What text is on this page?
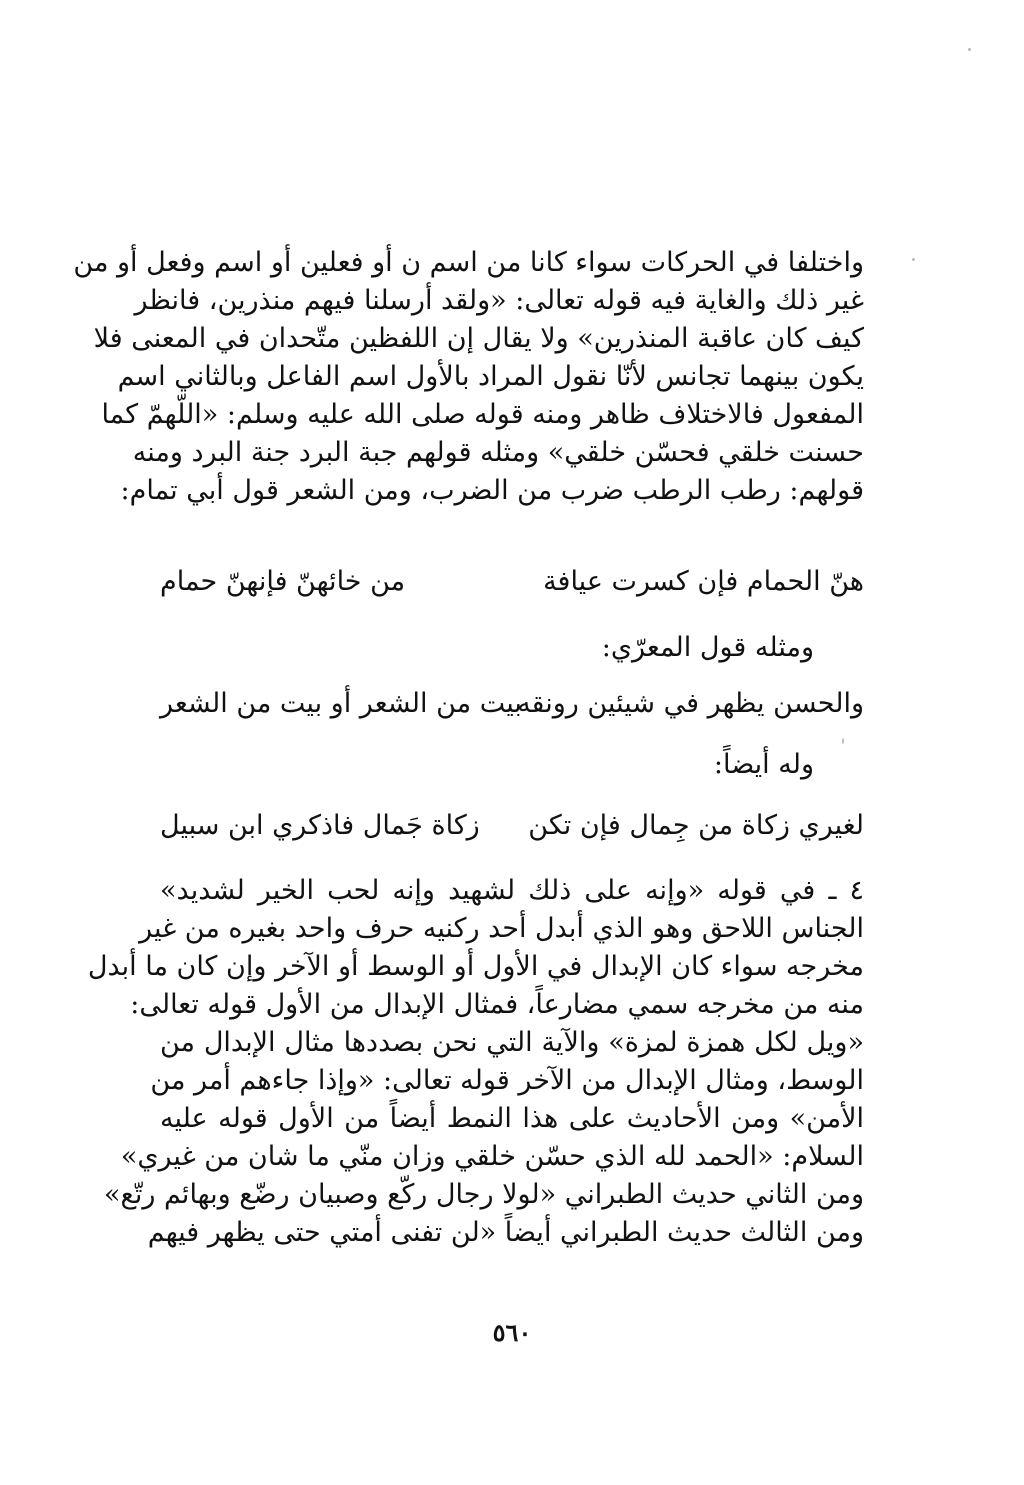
واختلفا في الحركات سواء كانا من اسم ن أو فعلين أو اسم وفعل أو من
غير ذلك والغاية فيه قوله تعالى: «ولقد أرسلنا فيهم منذرين، فانظر
كيف كان عاقبة المنذرين» ولا يقال إن اللفظين متّحدان في المعنى فلا
يكون بينهما تجانس لأنّا نقول المراد بالأول اسم الفاعل وبالثاني اسم
المفعول فالاختلاف ظاهر ومنه قوله صلى الله عليه وسلم: «اللّهمّ كما
حسنت خلقي فحسّن خلقي» ومثله قولهم جبة البرد جنة البرد ومنه
قولهم: رطب الرطب ضرب من الضرب، ومن الشعر قول أبي تمام:
هنّ الحمام فإن كسرت عيافة
من خائهنّ فإنهنّ حمام
ومثله قول المعرّي:
والحسن يظهر في شيئين رونقه
بيت من الشعر أو بيت من الشعر
وله أيضاً:
لغيري زكاة من جِمال فإن تكن
زكاة جَمال فاذكري ابن سبيل
٤ ـ في قوله «وإنه على ذلك لشهيد وإنه لحب الخير لشديد»
الجناس اللاحق وهو الذي أبدل أحد ركنيه حرف واحد بغيره من غير
مخرجه سواء كان الإبدال في الأول أو الوسط أو الآخر وإن كان ما أبدل
منه من مخرجه سمي مضارعاً، فمثال الإبدال من الأول قوله تعالى:
«ويل لكل همزة لمزة» والآية التي نحن بصددها مثال الإبدال من
الوسط، ومثال الإبدال من الآخر قوله تعالى: «وإذا جاءهم أمر من
الأمن» ومن الأحاديث على هذا النمط أيضاً من الأول قوله عليه
السلام: «الحمد لله الذي حسّن خلقي وزان منّي ما شان من غيري»
ومن الثاني حديث الطبراني «لولا رجال ركّع وصبيان رضّع وبهائم رتّع»
ومن الثالث حديث الطبراني أيضاً «لن تفنى أمتي حتى يظهر فيهم
٥٦٠
